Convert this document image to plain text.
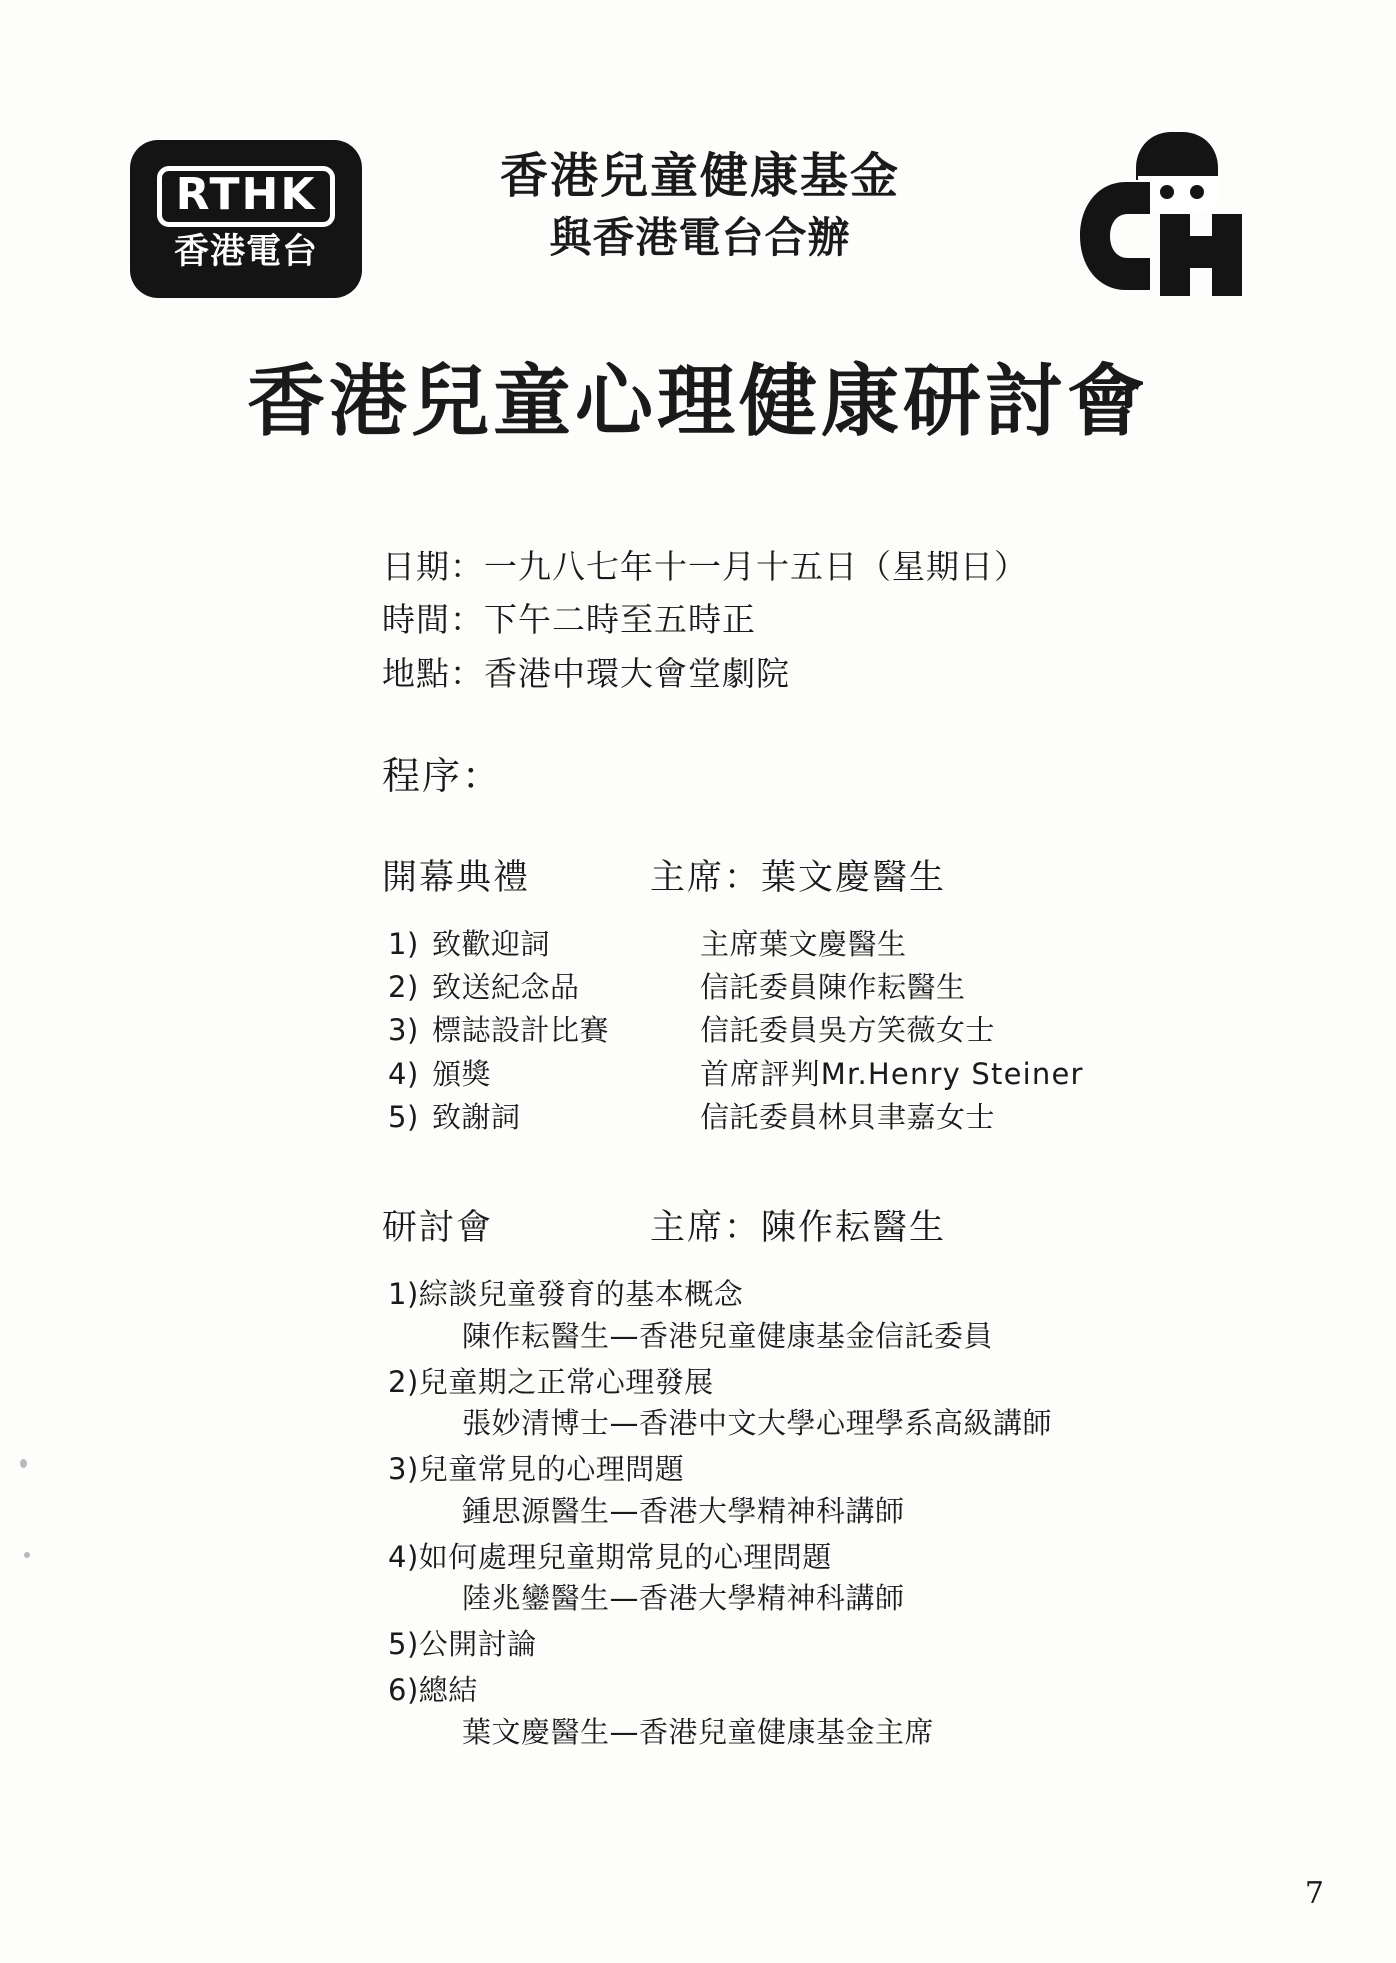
RTHK
香港電台
香港兒童健康基金
與香港電台合辦
香港兒童心理健康研討會
日期：一九八七年十一月十五日（星期日）
時間：下午二時至五時正
地點：香港中環大會堂劇院
程序：
開幕典禮	主席：葉文慶醫生
1) 致歡迎詞	主席葉文慶醫生
2) 致送紀念品	信託委員陳作耘醫生
3) 標誌設計比賽	信託委員吳方笑薇女士
4) 頒獎	首席評判Mr.Henry Steiner
5) 致謝詞	信託委員林貝聿嘉女士
研討會	主席：陳作耘醫生
1)綜談兒童發育的基本概念
陳作耘醫生—香港兒童健康基金信託委員
2)兒童期之正常心理發展
張妙清博士—香港中文大學心理學系高級講師
3)兒童常見的心理問題
鍾思源醫生—香港大學精神科講師
4)如何處理兒童期常見的心理問題
陸兆鑾醫生—香港大學精神科講師
5)公開討論
6)總結
葉文慶醫生—香港兒童健康基金主席
7
